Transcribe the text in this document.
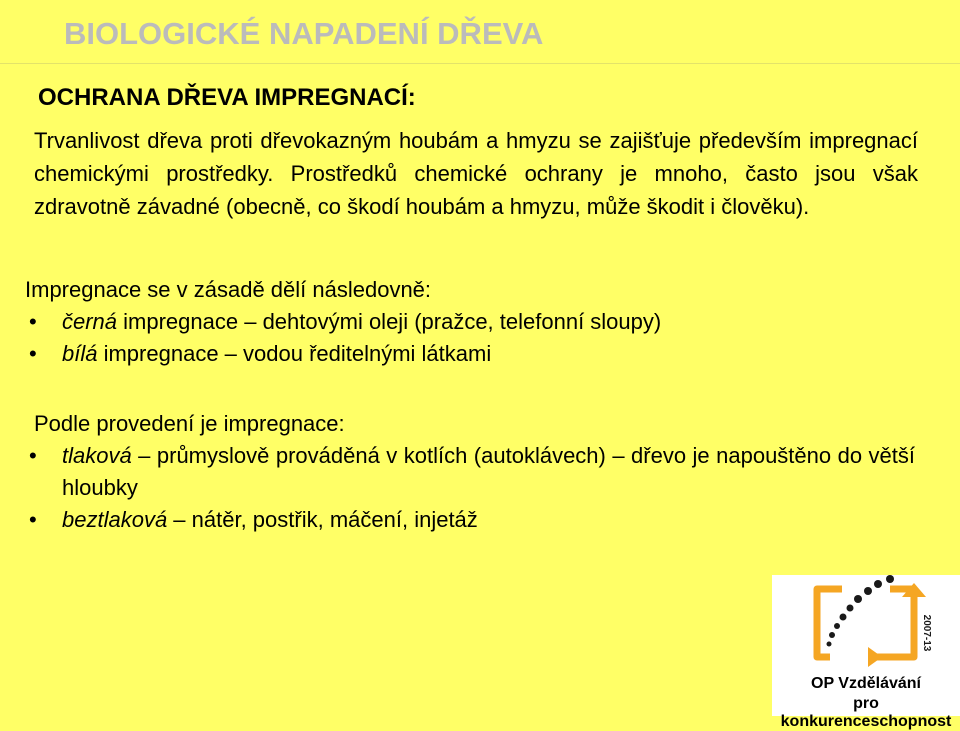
BIOLOGICKÉ NAPADENÍ DŘEVA
OCHRANA DŘEVA IMPREGNACÍ:
Trvanlivost dřeva proti dřevokazným houbám a hmyzu se zajišťuje především impregnací chemickými prostředky. Prostředků chemické ochrany je mnoho, často jsou však zdravotně závadné (obecně, co škodí houbám a hmyzu, může škodit i člověku).
Impregnace se v zásadě dělí následovně:
• černá impregnace – dehtovými oleji (pražce, telefonní sloupy)
• bílá impregnace – vodou ředitelnými látkami
Podle provedení je impregnace:
• tlaková – průmyslově prováděná v kotlích (autoklávech) – dřevo je napouštěno do větší hloubky
• beztlaková – nátěr, postřik, máčení, injetáž
2007-13
OP Vzdělávání
pro konkurenceschopnost
